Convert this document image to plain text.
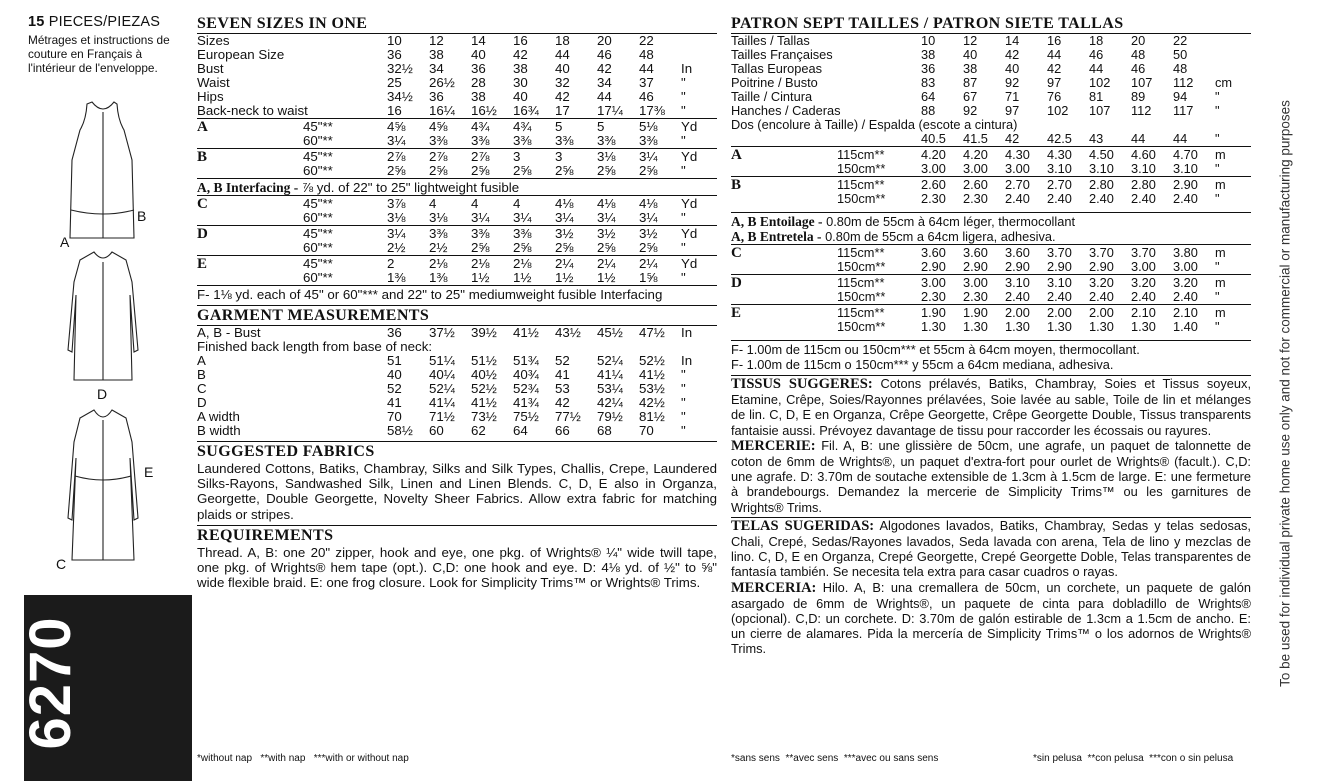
15 PIECES/PIEZAS
Métrages et instructions de couture en Français à l'intérieur de l'enveloppe.
B
A
D
E
C
6270
SEVEN SIZES IN ONE
Sizes	10	12	14	16	18	20	22	
European Size	36	38	40	42	44	46	48	
Bust	32½	34	36	38	40	42	44	In
Waist	25	26½	28	30	32	34	37	"
Hips	34½	36	38	40	42	44	46	"
Back-neck to waist	16	16¼	16½	16¾	17	17¼	17⅜	"
A	45"**	4⅝	4⅝	4¾	4¾	5	5	5⅛	Yd
	60"**	3¼	3⅜	3⅜	3⅜	3⅜	3⅜	3⅜	"
B	45"**	2⅞	2⅞	2⅞	3	3	3⅛	3¼	Yd
	60"**	2⅝	2⅝	2⅝	2⅝	2⅝	2⅝	2⅝	"
A, B Interfacing - ⅞ yd. of 22" to 25" lightweight fusible
C	45"**	3⅞	4	4	4	4⅛	4⅛	4⅛	Yd
	60"**	3⅛	3⅛	3¼	3¼	3¼	3¼	3¼	"
D	45"**	3¼	3⅜	3⅜	3⅜	3½	3½	3½	Yd
	60"**	2½	2½	2⅝	2⅝	2⅝	2⅝	2⅝	"
E	45"**	2	2⅛	2⅛	2⅛	2¼	2¼	2¼	Yd
	60"**	1⅜	1⅜	1½	1½	1½	1½	1⅝	"
F- 1⅛ yd. each of 45" or 60"*** and 22" to 25" mediumweight fusible Interfacing
GARMENT MEASUREMENTS
A, B - Bust	36	37½	39½	41½	43½	45½	47½	In
Finished back length from base of neck:								
A	51	51¼	51½	51¾	52	52¼	52½	In
B	40	40¼	40½	40¾	41	41¼	41½	"
C	52	52¼	52½	52¾	53	53¼	53½	"
D	41	41¼	41½	41¾	42	42¼	42½	"
A width	70	71½	73½	75½	77½	79½	81½	"
B width	58½	60	62	64	66	68	70	"
SUGGESTED FABRICS
Laundered Cottons, Batiks, Chambray, Silks and Silk Types, Challis, Crepe, Laundered Silks-Rayons, Sandwashed Silk, Linen and Linen Blends. C, D, E also in Organza, Georgette, Double Georgette, Novelty Sheer Fabrics. Allow extra fabric for matching plaids or stripes.
REQUIREMENTS
Thread. A, B: one 20" zipper, hook and eye, one pkg. of Wrights® ¼" wide twill tape, one pkg. of Wrights® hem tape (opt.). C,D: one hook and eye. D: 4⅛ yd. of ½" to ⅝" wide flexible braid. E: one frog closure. Look for Simplicity Trims™ or Wrights® Trims.
*without nap   **with nap   ***with or without nap
PATRON SEPT TAILLES / PATRON SIETE TALLAS
Tailles / Tallas	10	12	14	16	18	20	22	
Tailles Françaises	38	40	42	44	46	48	50	
Tallas Europeas	36	38	40	42	44	46	48	
Poitrine / Busto	83	87	92	97	102	107	112	cm
Taille / Cintura	64	67	71	76	81	89	94	"
Hanches / Caderas	88	92	97	102	107	112	117	"
Dos (encolure à Taille) / Espalda (escote a cintura)
	40.5	41.5	42	42.5	43	44	44	"
A	115cm**	4.20	4.20	4.30	4.30	4.50	4.60	4.70	m
	150cm**	3.00	3.00	3.00	3.10	3.10	3.10	3.10	"
B	115cm**	2.60	2.60	2.70	2.70	2.80	2.80	2.90	m
	150cm**	2.30	2.30	2.40	2.40	2.40	2.40	2.40	"
A, B Entoilage - 0.80m de 55cm à 64cm léger, thermocollant
A, B Entretela - 0.80m de 55cm a 64cm ligera, adhesiva.
C	115cm**	3.60	3.60	3.60	3.70	3.70	3.70	3.80	m
	150cm**	2.90	2.90	2.90	2.90	2.90	3.00	3.00	"
D	115cm**	3.00	3.00	3.10	3.10	3.20	3.20	3.20	m
	150cm**	2.30	2.30	2.40	2.40	2.40	2.40	2.40	"
E	115cm**	1.90	1.90	2.00	2.00	2.00	2.10	2.10	m
	150cm**	1.30	1.30	1.30	1.30	1.30	1.30	1.40	"
F- 1.00m de 115cm ou 150cm*** et 55cm à 64cm moyen, thermocollant.
F- 1.00m de 115cm o 150cm*** y 55cm a 64cm mediana, adhesiva.
TISSUS SUGGERES: Cotons prélavés, Batiks, Chambray, Soies et Tissus soyeux, Etamine, Crêpe, Soies/Rayonnes prélavées, Soie lavée au sable, Toile de lin et mélanges de lin. C, D, E en Organza, Crêpe Georgette, Crêpe Georgette Double, Tissus transparents fantaisie aussi. Prévoyez davantage de tissu pour raccorder les écossais ou rayures.
MERCERIE: Fil. A, B: une glissière de 50cm, une agrafe, un paquet de talonnette de coton de 6mm de Wrights®, un paquet d'extra-fort pour ourlet de Wrights® (facult.). C,D: une agrafe. D: 3.70m de soutache extensible de 1.3cm à 1.5cm de large. E: une fermeture à brandebourgs. Demandez la mercerie de Simplicity Trims™ ou les garnitures de Wrights® Trims.
TELAS SUGERIDAS: Algodones lavados, Batiks, Chambray, Sedas y telas sedosas, Chali, Crepé, Sedas/Rayones lavados, Seda lavada con arena, Tela de lino y mezclas de lino. C, D, E en Organza, Crepé Georgette, Crepé Georgette Doble, Telas transparentes de fantasía también. Se necesita tela extra para casar cuadros o rayas.
MERCERIA: Hilo. A, B: una cremallera de 50cm, un corchete, un paquete de galón asargado de 6mm de Wrights®, un paquete de cinta para dobladillo de Wrights® (opcional). C,D: un corchete. D: 3.70m de galón estirable de 1.3cm a 1.5cm de ancho. E: un cierre de alamares. Pida la mercería de Simplicity Trims™ o los adornos de Wrights® Trims.
*sans sens  **avec sens  ***avec ou sans sens	*sin pelusa  **con pelusa  ***con o sin pelusa
To be used for individual private home use only and not for commercial or manufacturing purposes
